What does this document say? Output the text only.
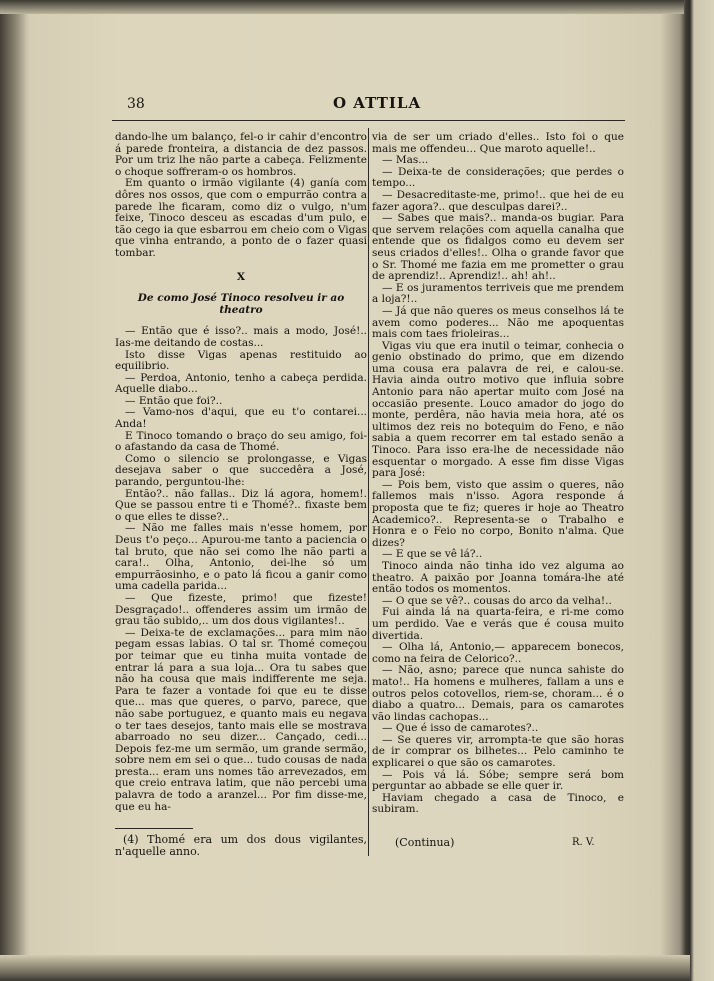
38	O ATTILA

dando-lhe um balanço, fel-o ir cahir d'encontro á parede fronteira, a distancia de dez passos. Por um triz lhe não parte a cabeça. Felizmente o choque soffreram-o os hombros.

Em quanto o irmão vigilante (4) ganía com dôres nos ossos, que com o empurrão contra a parede lhe ficaram, como diz o vulgo, n'um feixe, Tinoco desceu as escadas d'um pulo, e tão cego ia que esbarrou em cheio com o Vigas que vinha entrando, a ponto de o fazer quasi tombar.

X
De como José Tinoco resolveu ir ao theatro

— Então que é isso?.. mais a modo, José!.. Ias-me deitando de costas...

Isto disse Vigas apenas restituido ao equilibrio.

— Perdoa, Antonio, tenho a cabeça perdida. Aquelle diabo...

— Então que foi?..

— Vamo-nos d'aqui, que eu t'o contarei... Anda!

E Tinoco tomando o braço do seu amigo, foi-o afastando da casa de Thomé.

Como o silencio se prolongasse, e Vigas desejava saber o que succedêra a José, parando, perguntou-lhe:

Então?.. não fallas.. Diz lá agora, homem!. Que se passou entre ti e Thomé?.. fixaste bem o que elles te disse?..

— Não me falles mais n'esse homem, por Deus t'o peço... Apurou-me tanto a paciencia o tal bruto, que não sei como lhe não parti a cara!.. Olha, Antonio, dei-lhe só um empurrãosinho, e o pato lá ficou a ganir como uma cadella parida...

— Que fizeste, primo! que fizeste! Desgraçado!.. offenderes assim um irmão de grau tão subido,.. um dos dous vigilantes!..

— Deixa-te de exclamações... para mim não pegam essas labias. O tal sr. Thomé começou por teimar que eu tinha muita vontade de entrar lá para a sua loja... Ora tu sabes que não ha cousa que mais indifferente me seja. Para te fazer a vontade foi que eu te disse que... mas que queres, o parvo, parece, que não sabe portuguez, e quanto mais eu negava o ter taes desejos, tanto mais elle se mostrava abarroado no seu dizer... Cançado, cedi... Depois fez-me um sermão, um grande sermão, sobre nem em sei o que... tudo cousas de nada presta... eram uns nomes tão arrevezados, em que creio entrava latim, que não percebi uma palavra de todo a aranzel... Por fim disse-me, que eu ha-

via de ser um criado d'elles.. Isto foi o que mais me offendeu... Que maroto aquelle!..

— Mas...

— Deixa-te de considerações; que perdes o tempo...

— Desacreditaste-me, primo!.. que hei de eu fazer agora?.. que desculpas darei?..

— Sabes que mais?.. manda-os bugiar. Para que servem relações com aquella canalha que entende que os fidalgos como eu devem ser seus criados d'elles!.. Olha o grande favor que o Sr. Thomé me fazia em me prometter o grau de aprendiz!.. Aprendiz!.. ah! ah!..

— E os juramentos terriveis que me prendem a loja?!..

— Já que não queres os meus conselhos lá te avem como poderes... Não me apoquentas mais com taes frioleiras...

Vigas viu que era inutil o teimar, conhecia o genio obstinado do primo, que em dizendo uma cousa era palavra de rei, e calou-se. Havia ainda outro motivo que influia sobre Antonio para não apertar muito com José na occasião presente. Louco amador do jogo do monte, perdêra, não havia meia hora, até os ultimos dez reis no botequim do Feno, e não sabia a quem recorrer em tal estado senão a Tinoco. Para isso era-lhe de necessidade não esquentar o morgado. A esse fim disse Vigas para José:

— Pois bem, visto que assim o queres, não fallemos mais n'isso. Agora responde á proposta que te fiz; queres ir hoje ao Theatro Academico?.. Representa-se o Trabalho e Honra e o Feio no corpo, Bonito n'alma. Que dizes?

— E que se vê lá?..

Tinoco ainda não tinha ido vez alguma ao theatro. A paixão por Joanna tomára-lhe até então todos os momentos.

— O que se vê?.. cousas do arco da velha!..

Fui ainda lá na quarta-feira, e ri-me como um perdido. Vae e verás que é cousa muito divertida.

— Olha lá, Antonio,— apparecem bonecos, como na feira de Celorico?..

— Não, asno; parece que nunca sahiste do mato!.. Ha homens e mulheres, fallam a uns e outros pelos cotovellos, riem-se, choram... é o diabo a quatro... Demais, para os camarotes vão lindas cachopas...

— Que é isso de camarotes?..

— Se queres vir, arrompta-te que são horas de ir comprar os bilhetes... Pelo caminho te explicarei o que são os camarotes.

— Pois vá lá. Sóbe; sempre será bom perguntar ao abbade se elle quer ir.

Haviam chegado a casa de Tinoco, e subiram.

(4) Thomé era um dos dous vigilantes, n'aquelle anno.
(Continua)	R. V.
